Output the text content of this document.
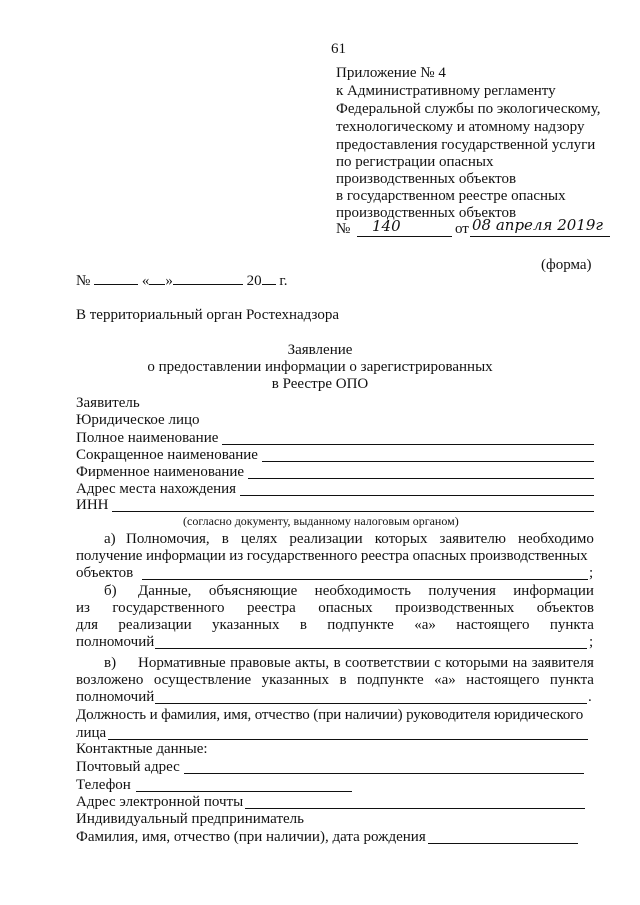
61
Приложение № 4
к Административному регламенту
Федеральной службы по экологическому,
технологическому и атомному надзору
предоставления государственной услуги
по регистрации опасных
производственных объектов
в государственном реестре опасных
производственных объектов
№ 140	от 08 апреля 2019г
(форма)
№	« »	20 г.
В территориальный орган Ростехнадзора
Заявление
о предоставлении информации о зарегистрированных
в Реестре ОПО
Заявитель
Юридическое лицо
Полное наименование
Сокращенное наименование
Фирменное наименование
Адрес места нахождения
ИНН
(согласно документу, выданному налоговым органом)
а) Полномочия, в целях реализации которых заявителю необходимо
получение информации из государственного реестра опасных производственных
объектов	;
б) Данные, объясняющие необходимость получения информации
из государственного реестра опасных производственных объектов
для реализации указанных в подпункте «а» настоящего пункта
полномочий	;
в) Нормативные правовые акты, в соответствии с которыми на заявителя
возложено осуществление указанных в подпункте «а» настоящего пункта
полномочий	.
Должность и фамилия, имя, отчество (при наличии) руководителя юридического
лица
Контактные данные:
Почтовый адрес
Телефон
Адрес электронной почты
Индивидуальный предприниматель
Фамилия, имя, отчество (при наличии), дата рождения
